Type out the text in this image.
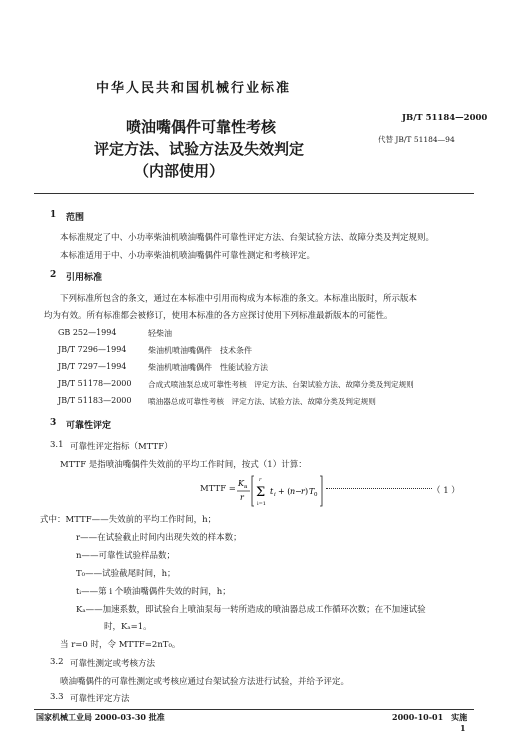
中华人民共和国机械行业标准
JB/T 51184—2000
代替 JB/T 51184—94
喷油嘴偶件可靠性考核
评定方法、试验方法及失效判定
（内部使用）
1 范围
本标准规定了中、小功率柴油机喷油嘴偶件可靠性评定方法、台架试验方法、故障分类及判定规则。
本标准适用于中、小功率柴油机喷油嘴偶件可靠性测定和考核评定。
2 引用标准
下列标准所包含的条文，通过在本标准中引用而构成为本标准的条文。本标准出版时，所示版本
均为有效。所有标准都会被修订，使用本标准的各方应探讨使用下列标准最新版本的可能性。
GB 252—1994	轻柴油
JB/T 7296—1994	柴油机喷油嘴偶件　技术条件
JB/T 7297—1994	柴油机喷油嘴偶件　性能试验方法
JB/T 51178—2000 合成式喷油泵总成可靠性考核　评定方法、台架试验方法、故障分类及判定规则
JB/T 51183—2000 喷油器总成可靠性考核　评定方法、试验方法、故障分类及判定规则
3 可靠性评定
3.1 可靠性评定指标（MTTF）
MTTF 是指喷油嘴偶件失效前的平均工作时间，按式（1）计算：
MTTF =
K a
r Σ
r
i=1
t i + ( n − r ) T 0	（ 1 ）
式中：MTTF——失效前的平均工作时间，h；
r——在试验截止时间内出现失效的样本数；
n——可靠性试验样品数；
T₀——试验截尾时间，h；
tᵢ——第 i 个喷油嘴偶件失效的时间，h；
Kₐ——加速系数，即试验台上喷油泵每一转所造成的喷油器总成工作循环次数；在不加速试验
时，Kₐ=1。
当 r=0 时，令 MTTF=2nT₀。
3.2 可靠性测定或考核方法
喷油嘴偶件的可靠性测定或考核应通过台架试验方法进行试验，并给予评定。
3.3 可靠性评定方法
国家机械工业局 2000-03-30 批准	2000-10-01　实施
1
